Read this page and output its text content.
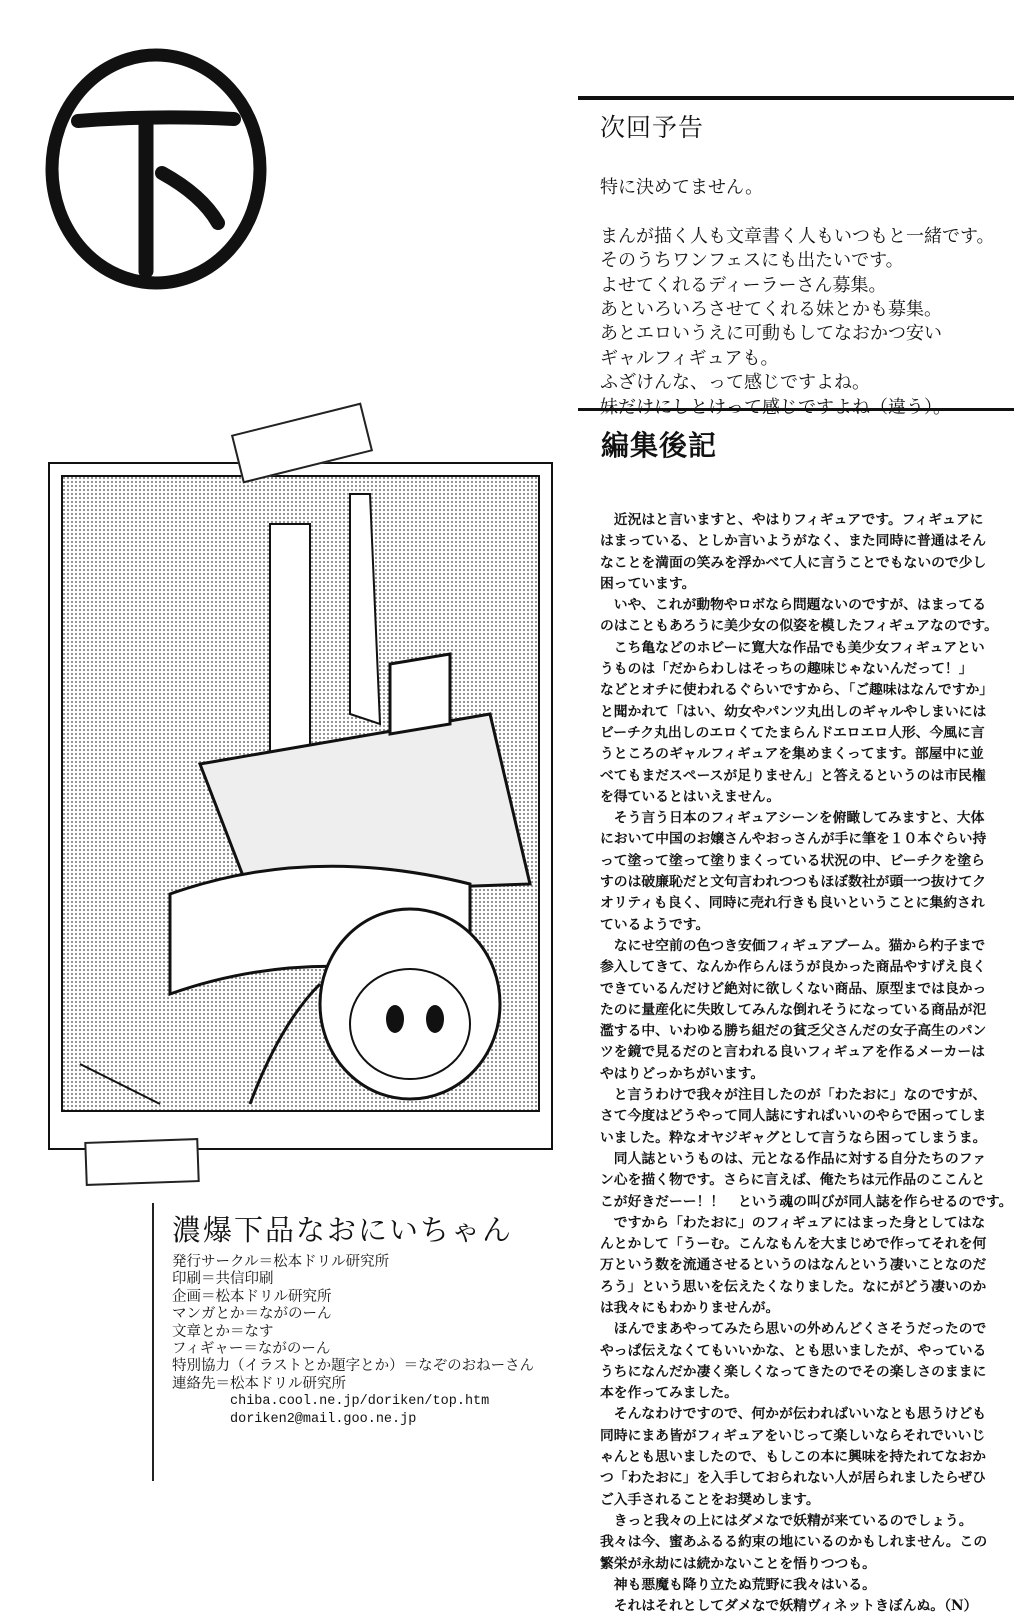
次回予告
特に決めてません。

まんが描く人も文章書く人もいつもと一緒です。
そのうちワンフェスにも出たいです。
よせてくれるディーラーさん募集。
あといろいろさせてくれる妹とかも募集。
あとエロいうえに可動もしてなおかつ安い
ギャルフィギュアも。
ふざけんな、って感じですよね。
編集後記
　近況はと言いますと、やはりフィギュアです。フィギュアに
はまっている、としか言いようがなく、また同時に普通はそん
なことを満面の笑みを浮かべて人に言うことでもないので少し
困っています。
　いや、これが動物やロボなら問題ないのですが、はまってる
のはこともあろうに美少女の似姿を模したフィギュアなのです。
　こち亀などのホビーに寛大な作品でも美少女フィギュアとい
うものは「だからわしはそっちの趣味じゃないんだって！」
などとオチに使われるぐらいですから、「ご趣味はなんですか」
と聞かれて「はい、幼女やパンツ丸出しのギャルやしまいには
ビーチク丸出しのエロくてたまらんドエロエロ人形、今風に言
うところのギャルフィギュアを集めまくってます。部屋中に並
べてもまだスペースが足りません」と答えるというのは市民権
を得ているとはいえません。
　そう言う日本のフィギュアシーンを俯瞰してみますと、大体
において中国のお嬢さんやおっさんが手に筆を１０本ぐらい持
って塗って塗って塗りまくっている状況の中、ビーチクを塗ら
すのは破廉恥だと文句言われつつもほぼ数社が頭一つ抜けてク
オリティも良く、同時に売れ行きも良いということに集約され
ているようです。
　なにせ空前の色つき安価フィギュアブーム。猫から杓子まで
参入してきて、なんか作らんほうが良かった商品やすげえ良く
できているんだけど絶対に欲しくない商品、原型までは良かっ
たのに量産化に失敗してみんな倒れそうになっている商品が氾
濫する中、いわゆる勝ち組だの貧乏父さんだの女子高生のパン
ツを鏡で見るだのと言われる良いフィギュアを作るメーカーは
やはりどっかちがいます。
　と言うわけで我々が注目したのが「わたおに」なのですが、
さて今度はどうやって同人誌にすればいいのやらで困ってしま
いました。粋なオヤジギャグとして言うなら困ってしまうま。
　同人誌というものは、元となる作品に対する自分たちのファ
ン心を描く物です。さらに言えば、俺たちは元作品のここんと
こが好きだーー！！　という魂の叫びが同人誌を作らせるのです。
　ですから「わたおに」のフィギュアにはまった身としてはな
んとかして「うーむ。こんなもんを大まじめで作ってそれを何
万という数を流通させるというのはなんという凄いことなのだ
ろう」という思いを伝えたくなりました。なにがどう凄いのか
は我々にもわかりませんが。
　ほんでまあやってみたら思いの外めんどくさそうだったので
やっぱ伝えなくてもいいかな、とも思いましたが、やっている
うちになんだか凄く楽しくなってきたのでその楽しさのままに
本を作ってみました。
　そんなわけですので、何かが伝わればいいなとも思うけども
同時にまあ皆がフィギュアをいじって楽しいならそれでいいじ
ゃんとも思いましたので、もしこの本に興味を持たれてなおか
つ「わたおに」を入手しておられない人が居られましたらぜひ
ご入手されることをお奨めします。
　きっと我々の上にはダメなで妖精が来ているのでしょう。
我々は今、蜜あふるる約束の地にいるのかもしれません。この
繁栄が永劫には続かないことを悟りつつも。
　神も悪魔も降り立たぬ荒野に我々はいる。
　それはそれとしてダメなで妖精ヴィネットきぼんぬ。（N）
濃爆下品なおにいちゃん
発行サークル＝松本ドリル研究所
印刷＝共信印刷
企画＝松本ドリル研究所
マンガとか＝ながのーん
文章とか＝なす
フィギャー＝ながのーん
特別協力（イラストとか題字とか）＝なぞのおねーさん
連絡先＝松本ドリル研究所
chiba.cool.ne.jp/doriken/top.htm
doriken2@mail.goo.ne.jp
